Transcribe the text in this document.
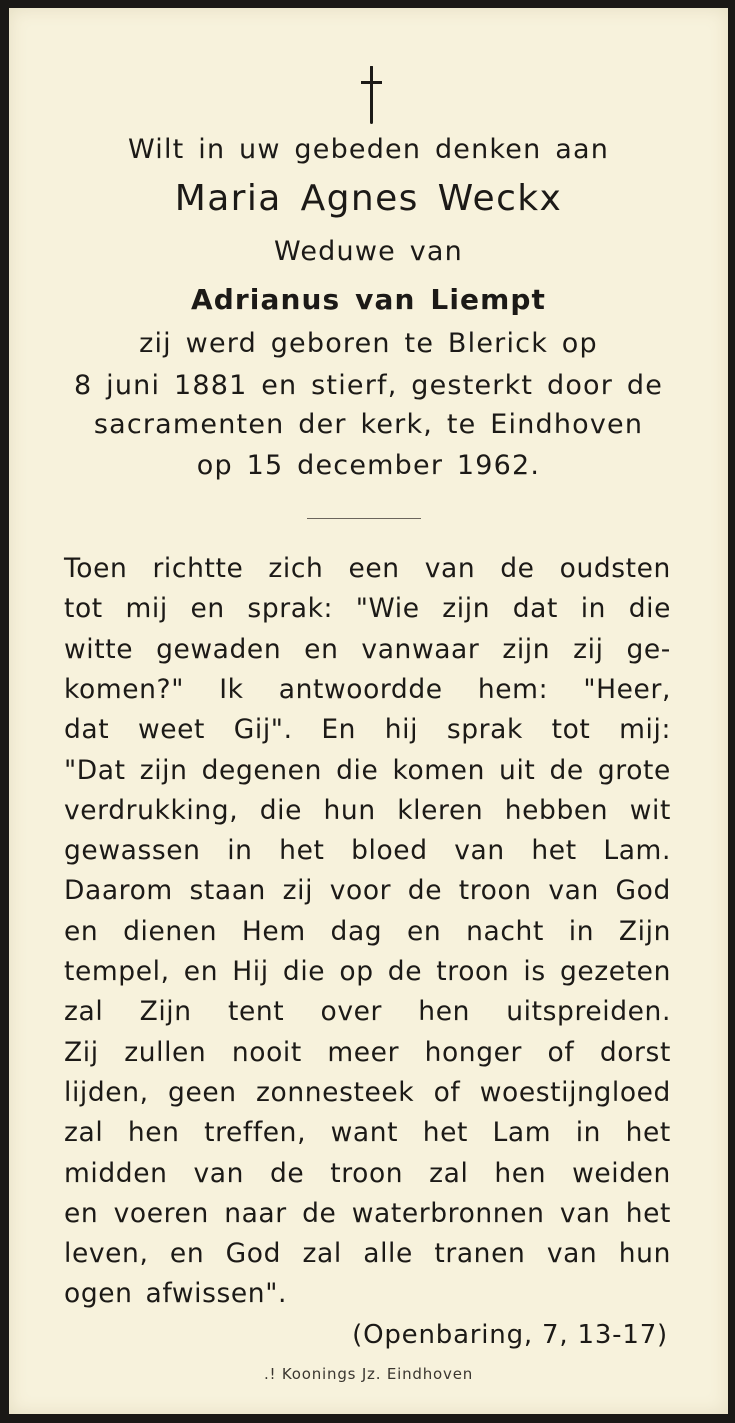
Wilt in uw gebeden denken aan
Maria Agnes Weckx
Weduwe van
Adrianus van Liempt
zij werd geboren te Blerick op
8 juni 1881 en stierf, gesterkt door de
sacramenten der kerk, te Eindhoven
op 15 december 1962.
Toen richtte zich een van de oudsten
tot mij en sprak: "Wie zijn dat in die
witte gewaden en vanwaar zijn zij ge-
komen?" Ik antwoordde hem: "Heer,
dat weet Gij". En hij sprak tot mij:
"Dat zijn degenen die komen uit de grote
verdrukking, die hun kleren hebben wit
gewassen in het bloed van het Lam.
Daarom staan zij voor de troon van God
en dienen Hem dag en nacht in Zijn
tempel, en Hij die op de troon is gezeten
zal Zijn tent over hen uitspreiden.
Zij zullen nooit meer honger of dorst
lijden, geen zonnesteek of woestijngloed
zal hen treffen, want het Lam in het
midden van de troon zal hen weiden
en voeren naar de waterbronnen van het
leven, en God zal alle tranen van hun
ogen afwissen".
(Openbaring, 7, 13-17)
.! Koonings Jz. Eindhoven
